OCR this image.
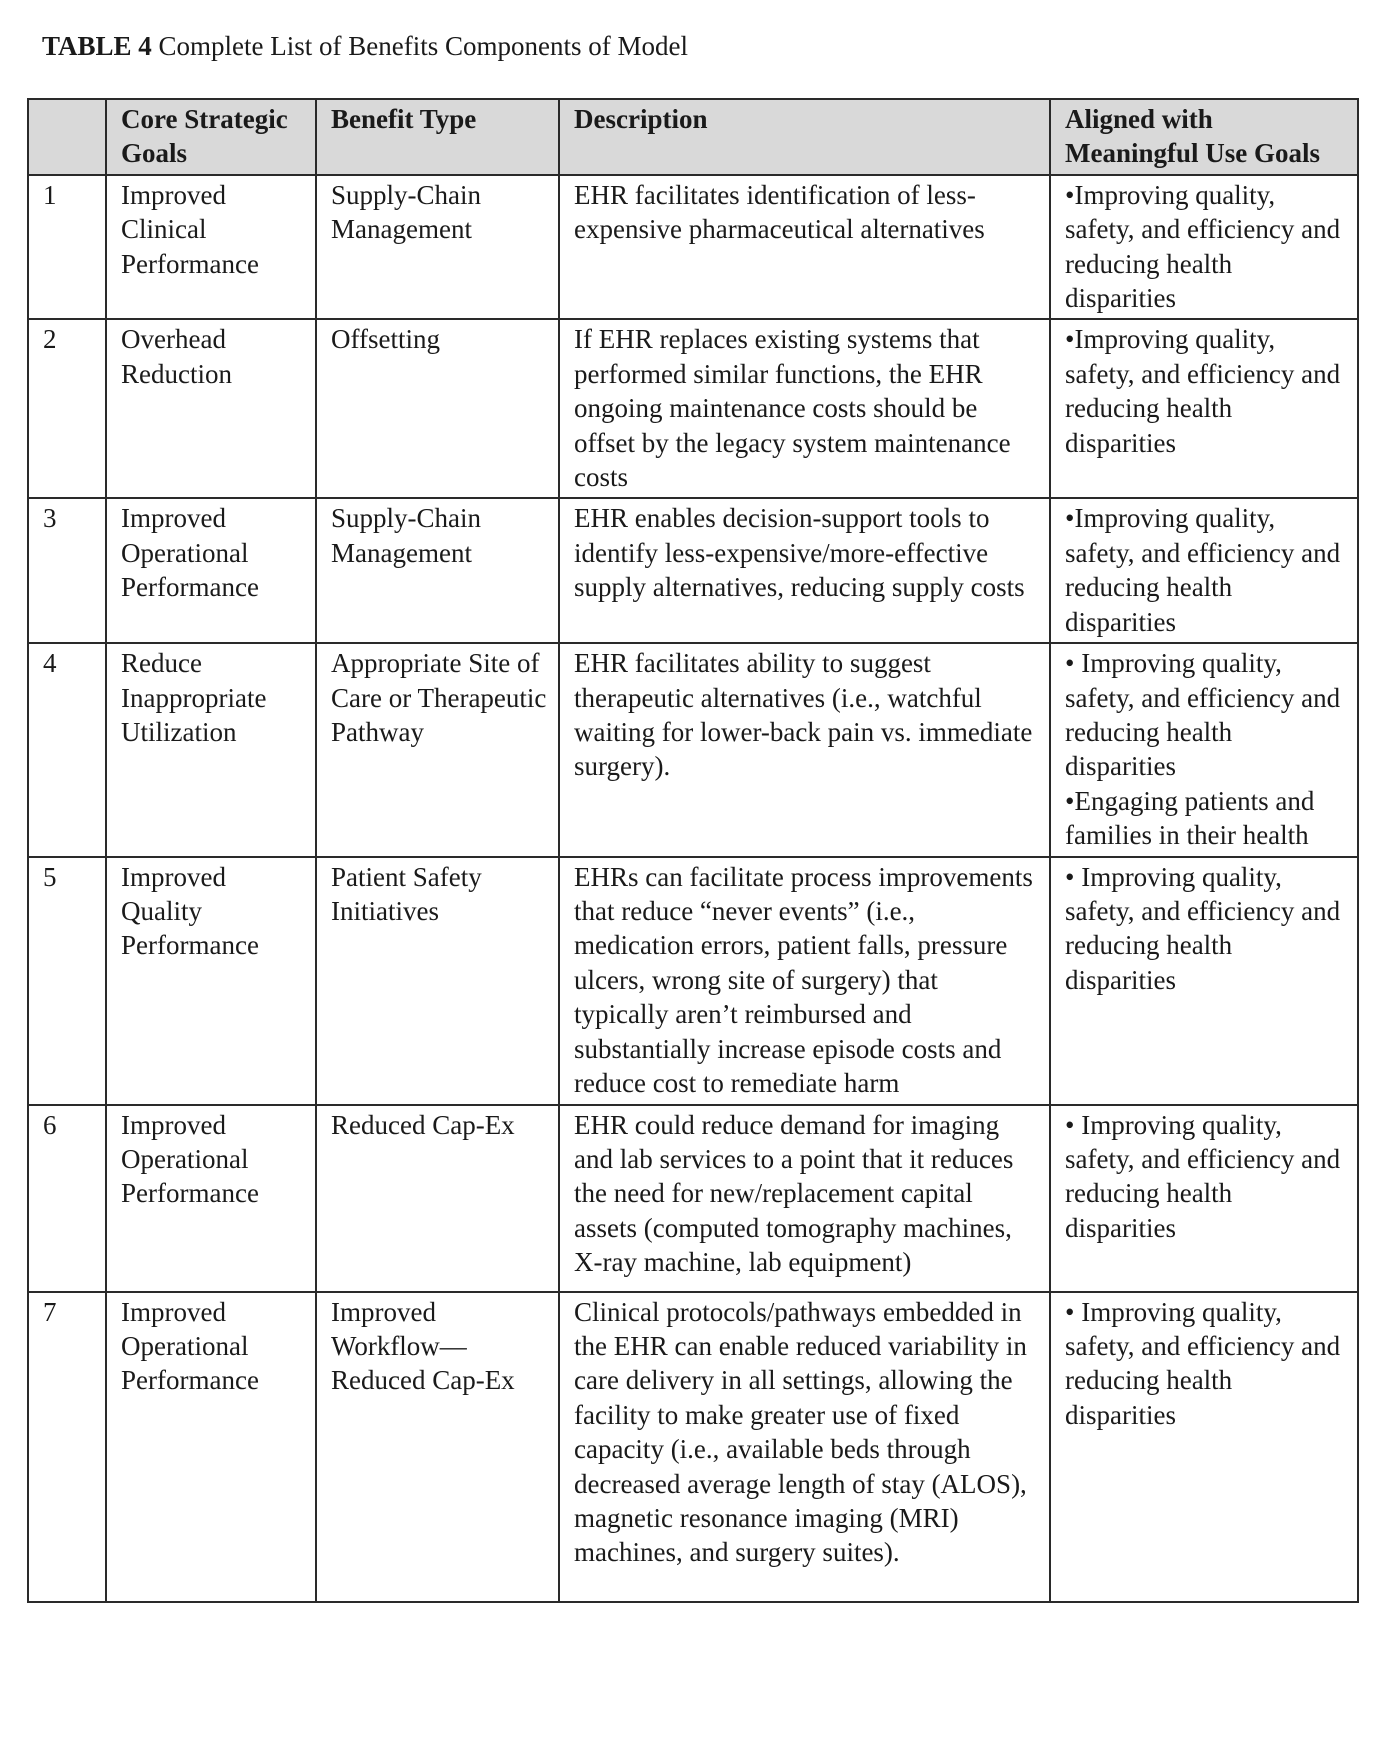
TABLE 4 Complete List of Benefits Components of Model
	Core Strategic Goals	Benefit Type	Description	Aligned with Meaningful Use Goals
1	Improved Clinical Performance	Supply-Chain Management	EHR facilitates identification of less-expensive pharmaceutical alternatives	•Improving quality, safety, and efficiency and reducing health disparities

2	Overhead Reduction	Offsetting	If EHR replaces existing systems that performed similar functions, the EHR ongoing maintenance costs should be offset by the legacy system maintenance costs	•Improving quality, safety, and efficiency and reducing health disparities

3	Improved Operational Performance	Supply-Chain Management	EHR enables decision-support tools to identify less-expensive/more-effective supply alternatives, reducing supply costs	•Improving quality, safety, and efficiency and reducing health disparities

4	Reduce Inappropriate Utilization	Appropriate Site of Care or Therapeutic Pathway	EHR facilitates ability to suggest therapeutic alternatives (i.e., watchful waiting for lower-back pain vs. immediate surgery).	• Improving quality, safety, and efficiency and reducing health disparities
•Engaging patients and families in their health

5	Improved Quality Performance	Patient Safety Initiatives	EHRs can facilitate process improvements that reduce “never events” (i.e., medication errors, patient falls, pressure ulcers, wrong site of surgery) that typically aren’t reimbursed and substantially increase episode costs and reduce cost to remediate harm	• Improving quality, safety, and efficiency and reducing health disparities

6	Improved Operational Performance	Reduced Cap-Ex	EHR could reduce demand for imaging and lab services to a point that it reduces the need for new/replacement capital assets (computed tomography machines, X-ray machine, lab equipment)	• Improving quality, safety, and efficiency and reducing health disparities

7	Improved Operational Performance	Improved Workflow—Reduced Cap-Ex	Clinical protocols/pathways embedded in the EHR can enable reduced variability in care delivery in all settings, allowing the facility to make greater use of fixed capacity (i.e., available beds through decreased average length of stay (ALOS), magnetic resonance imaging (MRI) machines, and surgery suites).	• Improving quality, safety, and efficiency and reducing health disparities
